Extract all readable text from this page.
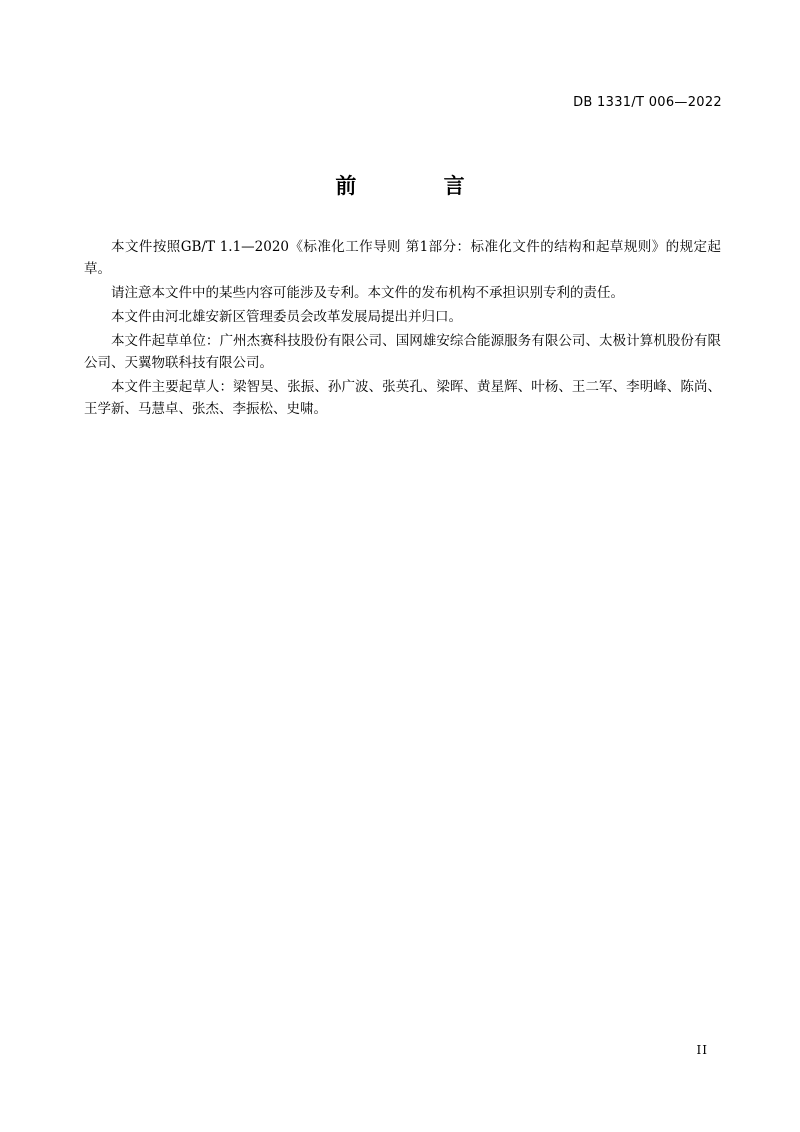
DB 1331/T 006—2022
前 言

本文件按照GB/T 1.1—2020《标准化工作导则 第1部分：标准化文件的结构和起草规则》的规定起草。

请注意本文件中的某些内容可能涉及专利。本文件的发布机构不承担识别专利的责任。

本文件由河北雄安新区管理委员会改革发展局提出并归口。

本文件起草单位：广州杰赛科技股份有限公司、国网雄安综合能源服务有限公司、太极计算机股份有限公司、天翼物联科技有限公司。

本文件主要起草人：梁智昊、张振、孙广波、张英孔、梁晖、黄星辉、叶杨、王二军、李明峰、陈尚、王学新、马慧卓、张杰、李振松、史啸。

II
